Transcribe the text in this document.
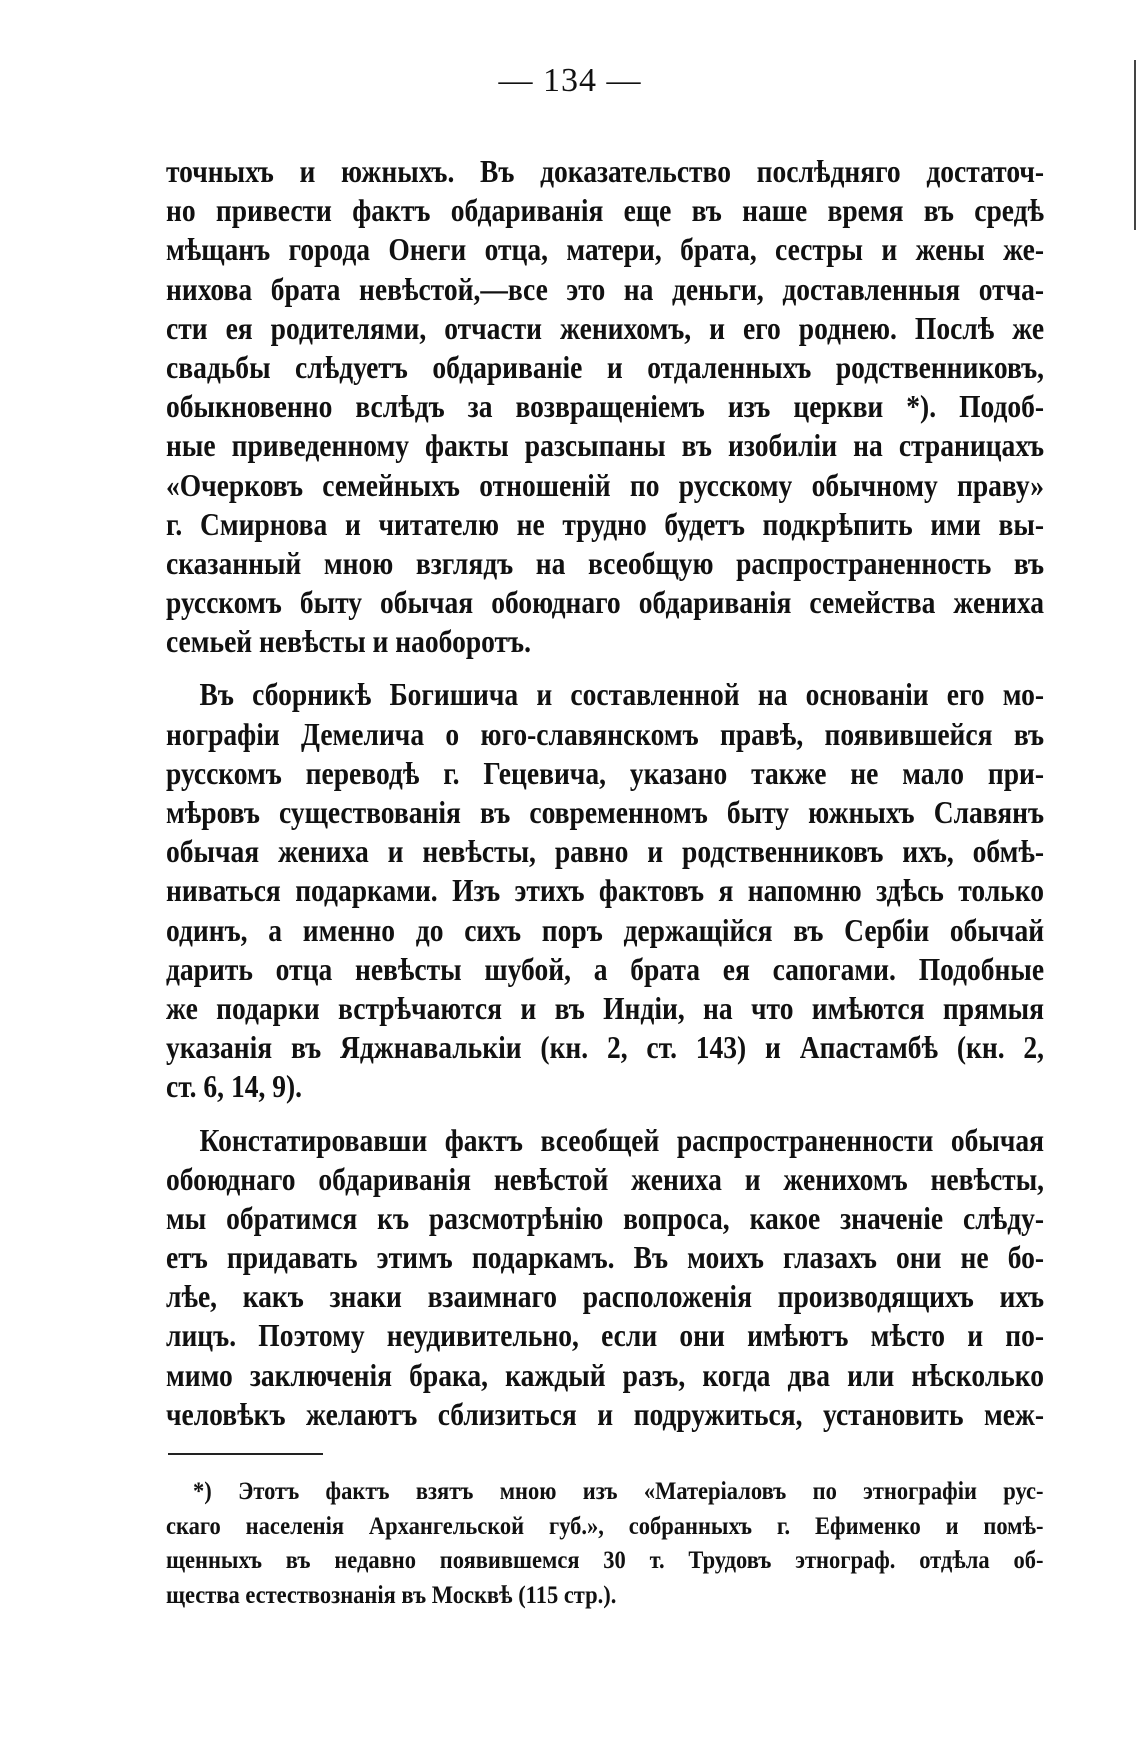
— 134 —
точныхъ и южныхъ. Въ доказательство послѣдняго достаточ-
но привести фактъ обдариванія еще въ наше время въ средѣ
мѣщанъ города Онеги отца, матери, брата, сестры и жены же-
нихова брата невѣстой,—все это на деньги, доставленныя отча-
сти ея родителями, отчасти женихомъ, и его роднею. Послѣ же
свадьбы слѣдуетъ обдариваніе и отдаленныхъ родственниковъ,
обыкновенно вслѣдъ за возвращеніемъ изъ церкви *). Подоб-
ные приведенному факты разсыпаны въ изобиліи на страницахъ
«Очерковъ семейныхъ отношеній по русскому обычному праву»
г. Смирнова и читателю не трудно будетъ подкрѣпить ими вы-
сказанный мною взглядъ на всеобщую распространенность въ
русскомъ быту обычая обоюднаго обдариванія семейства жениха
семьей невѣсты и наоборотъ.
Въ сборникѣ Богишича и составленной на основаніи его мо-
нографіи Демелича о юго-славянскомъ правѣ, появившейся въ
русскомъ переводѣ г. Гецевича, указано также не мало при-
мѣровъ существованія въ современномъ быту южныхъ Славянъ
обычая жениха и невѣсты, равно и родственниковъ ихъ, обмѣ-
ниваться подарками. Изъ этихъ фактовъ я напомню здѣсь только
одинъ, а именно до сихъ поръ держащійся въ Сербіи обычай
дарить отца невѣсты шубой, а брата ея сапогами. Подобные
же подарки встрѣчаются и въ Индіи, на что имѣются прямыя
указанія въ Яджнавалькіи (кн. 2, ст. 143) и Апастамбѣ (кн. 2,
ст. 6, 14, 9).
Констатировавши фактъ всеобщей распространенности обычая
обоюднаго обдариванія невѣстой жениха и женихомъ невѣсты,
мы обратимся къ разсмотрѣнію вопроса, какое значеніе слѣду-
етъ придавать этимъ подаркамъ. Въ моихъ глазахъ они не бо-
лѣе, какъ знаки взаимнаго расположенія производящихъ ихъ
лицъ. Поэтому неудивительно, если они имѣютъ мѣсто и по-
мимо заключенія брака, каждый разъ, когда два или нѣсколько
человѣкъ желаютъ сблизиться и подружиться, установить меж-
*) Этотъ фактъ взятъ мною изъ «Матеріаловъ по этнографіи рус-
скаго населенія Архангельской губ.», собранныхъ г. Ефименко и помѣ-
щенныхъ въ недавно появившемся 30 т. Трудовъ этнограф. отдѣла об-
щества естествознанія въ Москвѣ (115 стр.).
